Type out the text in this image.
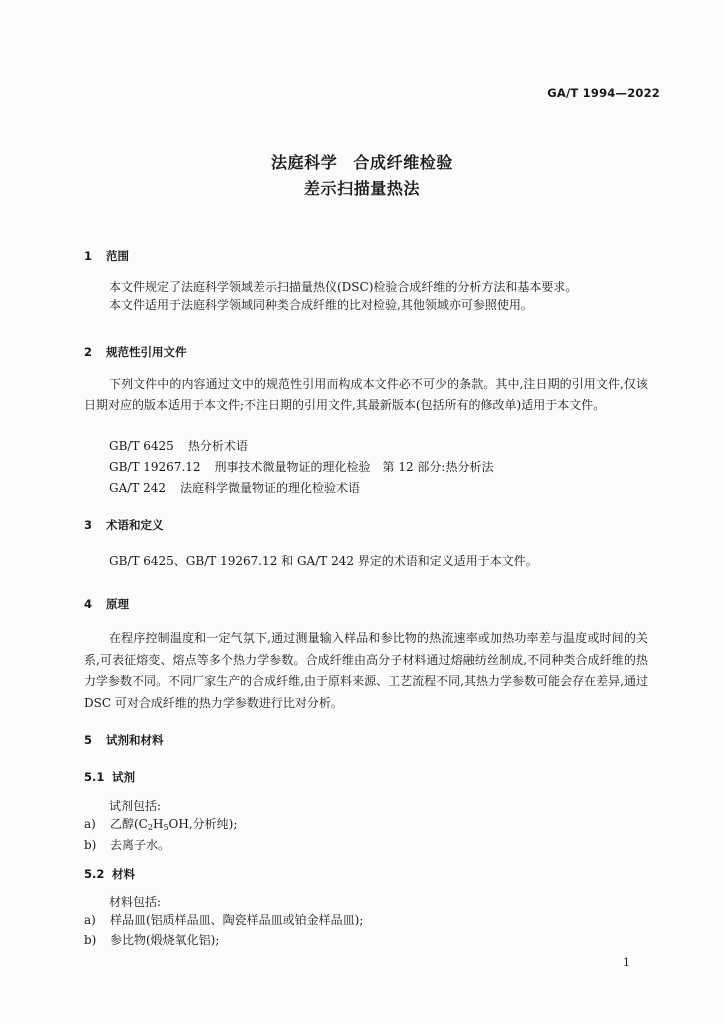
GA/T 1994—2022
法庭科学 合成纤维检验
差示扫描量热法
1 范围

本文件规定了法庭科学领域差示扫描量热仪(DSC)检验合成纤维的分析方法和基本要求。

本文件适用于法庭科学领域同种类合成纤维的比对检验,其他领域亦可参照使用。

2 规范性引用文件

下列文件中的内容通过文中的规范性引用而构成本文件必不可少的条款。其中,注日期的引用文件,仅该日期对应的版本适用于本文件;不注日期的引用文件,其最新版本(包括所有的修改单)适用于本文件。

GB/T 6425 热分析术语
GB/T 19267.12 刑事技术微量物证的理化检验　第 12 部分:热分析法
GA/T 242 法庭科学微量物证的理化检验术语
3 术语和定义

GB/T 6425、GB/T 19267.12 和 GA/T 242 界定的术语和定义适用于本文件。

4 原理

在程序控制温度和一定气氛下,通过测量输入样品和参比物的热流速率或加热功率差与温度或时间的关系,可表征熔变、熔点等多个热力学参数。合成纤维由高分子材料通过熔融纺丝制成,不同种类合成纤维的热力学参数不同。不同厂家生产的合成纤维,由于原料来源、工艺流程不同,其热力学参数可能会存在差异,通过 DSC 可对合成纤维的热力学参数进行比对分析。

5 试剂和材料
5.1 试剂
试剂包括:
a) 乙醇($C_2H_5OH$,分析纯);
b) 去离子水。
5.2 材料
材料包括:
a) 样品皿(铝质样品皿、陶瓷样品皿或铂金样品皿);
b) 参比物(煅烧氧化铝);
1
